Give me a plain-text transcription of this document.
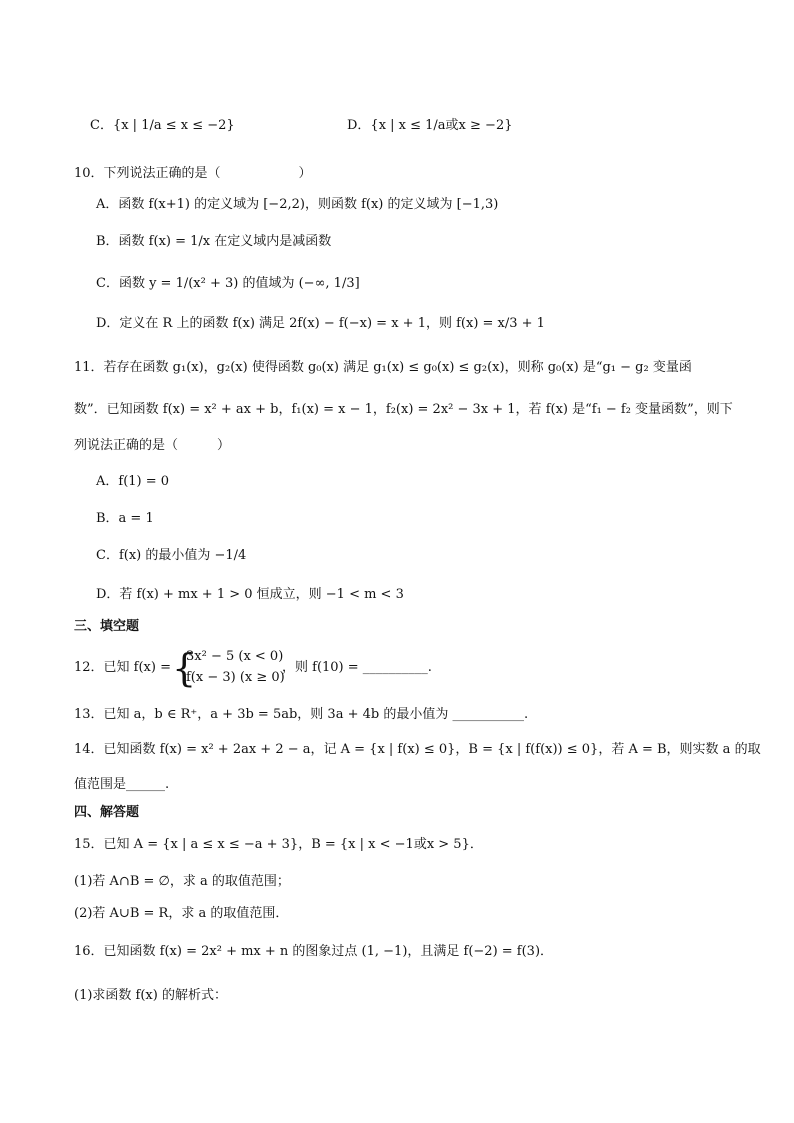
C．{x | 1/a ≤ x ≤ −2}	D．{x | x ≤ 1/a或x ≥ −2}
10．下列说法正确的是（　　　　　　）
A．函数 f(x+1) 的定义域为 [−2,2)，则函数 f(x) 的定义域为 [−1,3)
B．函数 f(x) = 1/x 在定义域内是减函数
C．函数 y = 1/(x² + 3) 的值域为 (−∞, 1/3]
D．定义在 R 上的函数 f(x) 满足 2f(x) − f(−x) = x + 1，则 f(x) = x/3 + 1
11．若存在函数 g₁(x)，g₂(x) 使得函数 g₀(x) 满足 g₁(x) ≤ g₀(x) ≤ g₂(x)，则称 g₀(x) 是“g₁ − g₂ 变量函
数”．已知函数 f(x) = x² + ax + b，f₁(x) = x − 1，f₂(x) = 2x² − 3x + 1，若 f(x) 是“f₁ − f₂ 变量函数”，则下
列说法正确的是（　　　）
A．f(1) = 0
B．a = 1
C．f(x) 的最小值为 −1/4
D．若 f(x) + mx + 1 > 0 恒成立，则 −1 < m < 3
三、填空题
12．已知 f(x) = {
3x² − 5 (x < 0)
f(x − 3) (x ≥ 0)
，则 f(10) = __________.
13．已知 a，b ∈ R⁺，a + 3b = 5ab，则 3a + 4b 的最小值为 ___________.
14．已知函数 f(x) = x² + 2ax + 2 − a，记 A = {x | f(x) ≤ 0}，B = {x | f(f(x)) ≤ 0}，若 A = B，则实数 a 的取
值范围是______.
四、解答题
15．已知 A = {x | a ≤ x ≤ −a + 3}，B = {x | x < −1或x > 5}．
(1)若 A∩B = ∅，求 a 的取值范围；
(2)若 A∪B = R，求 a 的取值范围．
16．已知函数 f(x) = 2x² + mx + n 的图象过点 (1, −1)，且满足 f(−2) = f(3)．
(1)求函数 f(x) 的解析式：
